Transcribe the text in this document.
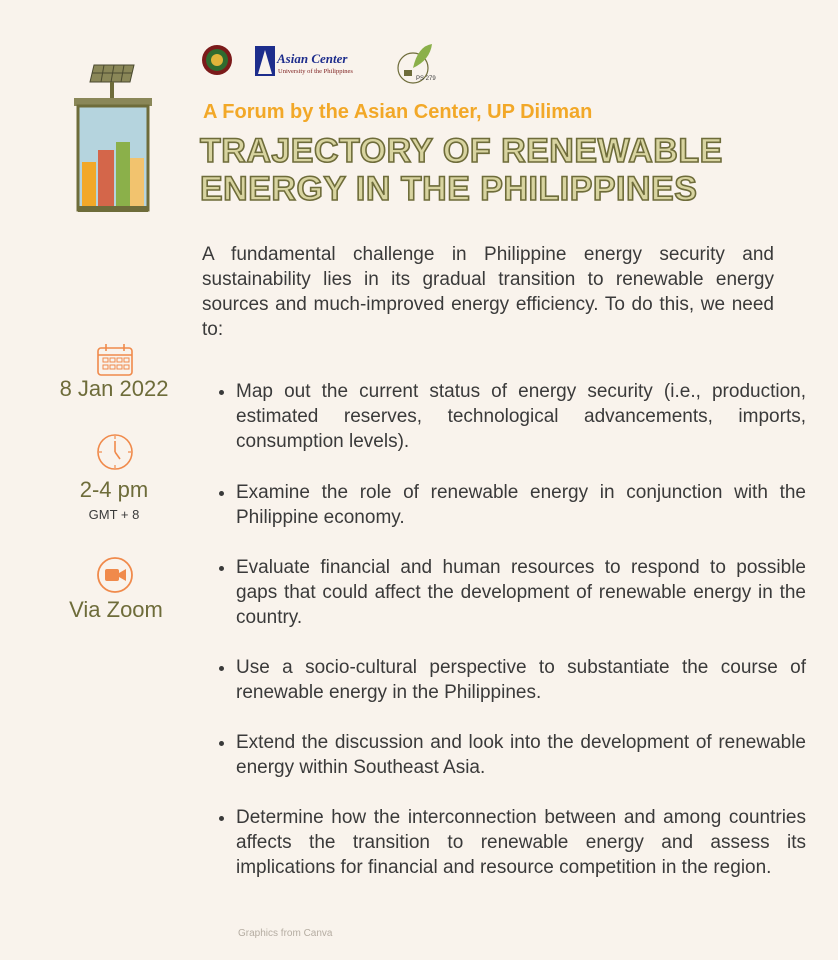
Asian Center
University of the Philippines
PS 279
A Forum by the Asian Center, UP Diliman
TRAJECTORY OF RENEWABLE
ENERGY IN THE PHILIPPINES
A fundamental challenge in Philippine energy security and sustainability lies in its gradual transition to renewable energy sources and much-improved energy efficiency. To do this, we need to:
• Map out the current status of energy security (i.e., production, estimated reserves, technological advancements, imports, consumption levels).
• Examine the role of renewable energy in conjunction with the Philippine economy.
• Evaluate financial and human resources to respond to possible gaps that could affect the development of renewable energy in the country.
• Use a socio-cultural perspective to substantiate the course of renewable energy in the Philippines.
• Extend the discussion and look into the development of renewable energy within Southeast Asia.
• Determine how the interconnection between and among countries affects the transition to renewable energy and assess its implications for financial and resource competition in the region.
8 Jan 2022
2-4 pm
GMT + 8
Via Zoom
Graphics from Canva
